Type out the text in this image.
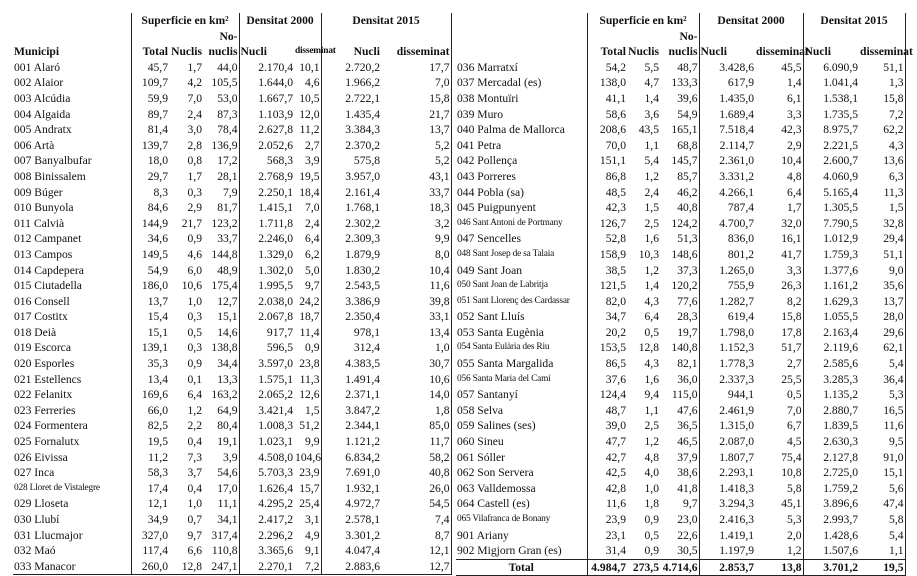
	Superficie en km²			Densitat 2000		Densitat 2015	
Municipi	Total	Nuclis	No-
nuclis	Nucli	disseminat	Nucli	disseminat
001 Alaró	45,7	1,7	44,0	2.170,4	10,1	2.720,2	17,7
002 Alaior	109,7	4,2	105,5	1.644,0	4,6	1.966,2	7,0
003 Alcúdia	59,9	7,0	53,0	1.667,7	10,5	2.722,1	15,8
004 Algaida	89,7	2,4	87,3	1.103,9	12,0	1.435,4	21,7
005 Andratx	81,4	3,0	78,4	2.627,8	11,2	3.384,3	13,7
006 Artà	139,7	2,8	136,9	2.052,6	2,7	2.370,2	5,2
007 Banyalbufar	18,0	0,8	17,2	568,3	3,9	575,8	5,2
008 Binissalem	29,7	1,7	28,1	2.768,9	19,5	3.957,0	43,1
009 Búger	8,3	0,3	7,9	2.250,1	18,4	2.161,4	33,7
010 Bunyola	84,6	2,9	81,7	1.415,1	7,0	1.768,1	18,3
011 Calvià	144,9	21,7	123,2	1.711,8	2,4	2.302,2	3,2
012 Campanet	34,6	0,9	33,7	2.246,0	6,4	2.309,3	9,9
013 Campos	149,5	4,6	144,8	1.329,0	6,2	1.879,9	8,0
014 Capdepera	54,9	6,0	48,9	1.302,0	5,0	1.830,2	10,4
015 Ciutadella	186,0	10,6	175,4	1.995,5	9,7	2.543,5	11,6
016 Consell	13,7	1,0	12,7	2.038,0	24,2	3.386,9	39,8
017 Costitx	15,4	0,3	15,1	2.067,8	18,7	2.350,4	33,1
018 Deià	15,1	0,5	14,6	917,7	11,4	978,1	13,4
019 Escorca	139,1	0,3	138,8	596,5	0,9	312,4	1,0
020 Esporles	35,3	0,9	34,4	3.597,0	23,8	4.383,5	30,7
021 Estellencs	13,4	0,1	13,3	1.575,1	11,3	1.491,4	10,6
022 Felanitx	169,6	6,4	163,2	2.065,2	12,6	2.371,1	14,0
023 Ferreries	66,0	1,2	64,9	3.421,4	1,5	3.847,2	1,8
024 Formentera	82,5	2,2	80,4	1.008,3	51,2	2.344,1	85,0
025 Fornalutx	19,5	0,4	19,1	1.023,1	9,9	1.121,2	11,7
026 Eivissa	11,2	7,3	3,9	4.508,0	104,6	6.834,2	58,2
027 Inca	58,3	3,7	54,6	5.703,3	23,9	7.691,0	40,8
028 Lloret de Vistalegre	17,4	0,4	17,0	1.626,4	15,7	1.932,1	26,0
029 Lloseta	12,1	1,0	11,1	4.295,2	25,4	4.972,7	54,5
030 Llubí	34,9	0,7	34,1	2.417,2	3,1	2.578,1	7,4
031 Llucmajor	327,0	9,7	317,4	2.296,2	4,9	3.301,2	8,7
032 Maó	117,4	6,6	110,8	3.365,6	9,1	4.047,4	12,1
033 Manacor	260,0	12,8	247,1	2.270,1	7,2	2.883,6	12,7
	Superficie en km²			Densitat 2000		Densitat 2015	
	Total	Nuclis	No-
nuclis	Nucli	disseminat	Nucli	disseminat
036 Marratxí	54,2	5,5	48,7	3.428,6	45,5	6.090,9	51,1
037 Mercadal (es)	138,0	4,7	133,3	617,9	1,4	1.041,4	1,3
038 Montuïri	41,1	1,4	39,6	1.435,0	6,1	1.538,1	15,8
039 Muro	58,6	3,6	54,9	1.689,4	3,3	1.735,5	7,2
040 Palma de Mallorca	208,6	43,5	165,1	7.518,4	42,3	8.975,7	62,2
041 Petra	70,0	1,1	68,8	2.114,7	2,9	2.221,5	4,3
042 Pollença	151,1	5,4	145,7	2.361,0	10,4	2.600,7	13,6
043 Porreres	86,8	1,2	85,7	3.331,2	4,8	4.060,9	6,3
044 Pobla (sa)	48,5	2,4	46,2	4.266,1	6,4	5.165,4	11,3
045 Puigpunyent	42,3	1,5	40,8	787,4	1,7	1.305,5	1,5
046 Sant Antoni de Portmany	126,7	2,5	124,2	4.700,7	32,0	7.790,5	32,8
047 Sencelles	52,8	1,6	51,3	836,0	16,1	1.012,9	29,4
048 Sant Josep de sa Talaia	158,9	10,3	148,6	801,2	41,7	1.759,3	51,1
049 Sant Joan	38,5	1,2	37,3	1.265,0	3,3	1.377,6	9,0
050 Sant Joan de Labritja	121,5	1,4	120,2	755,9	26,3	1.161,2	35,6
051 Sant Llorenç des Cardassar	82,0	4,3	77,6	1.282,7	8,2	1.629,3	13,7
052 Sant Lluís	34,7	6,4	28,3	619,4	15,8	1.055,5	28,0
053 Santa Eugènia	20,2	0,5	19,7	1.798,0	17,8	2.163,4	29,6
054 Santa Eulària des Riu	153,5	12,8	140,8	1.152,3	51,7	2.119,6	62,1
055 Santa Margalida	86,5	4,3	82,1	1.778,3	2,7	2.585,6	5,4
056 Santa Maria del Camí	37,6	1,6	36,0	2.337,3	25,5	3.285,3	36,4
057 Santanyí	124,4	9,4	115,0	944,1	0,5	1.135,2	5,3
058 Selva	48,7	1,1	47,6	2.461,9	7,0	2.880,7	16,5
059 Salines (ses)	39,0	2,5	36,5	1.315,0	6,7	1.839,5	11,6
060 Sineu	47,7	1,2	46,5	2.087,0	4,5	2.630,3	9,5
061 Sóller	42,7	4,8	37,9	1.807,7	75,4	2.127,8	91,0
062 Son Servera	42,5	4,0	38,6	2.293,1	10,8	2.725,0	15,1
063 Valldemossa	42,8	1,0	41,8	1.418,3	5,8	1.759,2	5,6
064 Castell (es)	11,6	1,8	9,7	3.294,3	45,1	3.896,6	47,4
065 Vilafranca de Bonany	23,9	0,9	23,0	2.416,3	5,3	2.993,7	5,8
901 Ariany	23,1	0,5	22,6	1.419,1	2,0	1.428,6	5,4
902 Migjorn Gran (es)	31,4	0,9	30,5	1.197,9	1,2	1.507,6	1,1
Total	4.984,7	273,5	4.714,6	2.853,7	13,8	3.701,2	19,5
